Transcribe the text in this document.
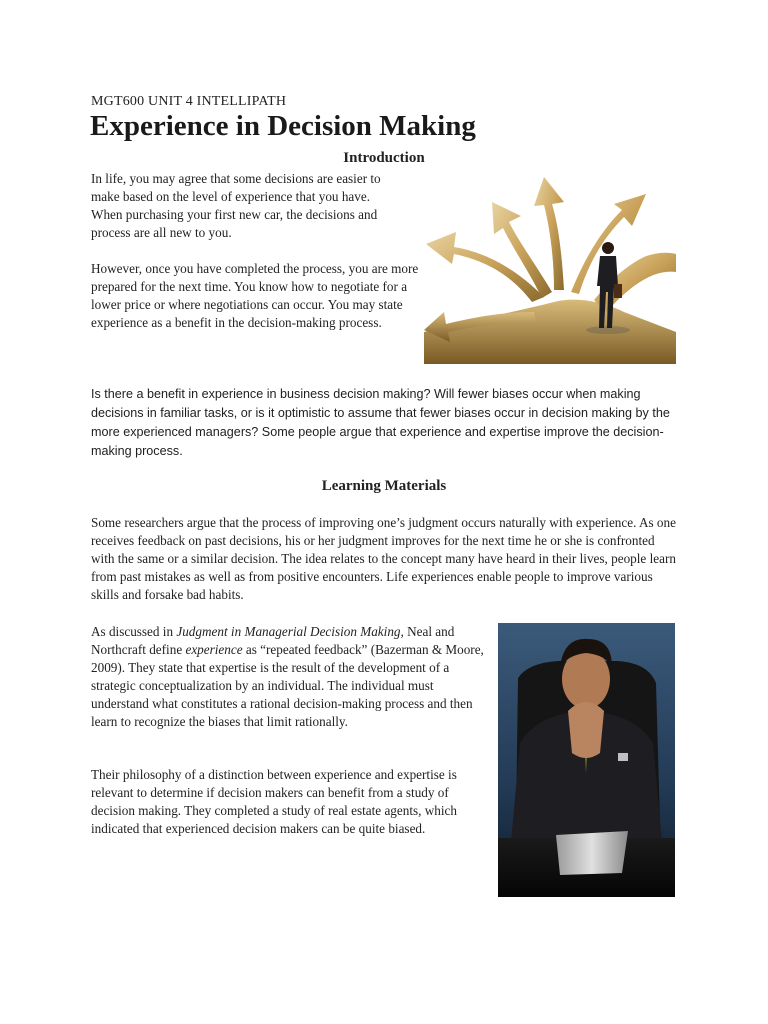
MGT600 UNIT 4 INTELLIPATH
Experience in Decision Making
Introduction
In life, you may agree that some decisions are easier to make based on the level of experience that you have. When purchasing your first new car, the decisions and process are all new to you.
However, once you have completed the process, you are more prepared for the next time. You know how to negotiate for a lower price or where negotiations can occur. You may state experience as a benefit in the decision-making process.
Is there a benefit in experience in business decision making? Will fewer biases occur when making decisions in familiar tasks, or is it optimistic to assume that fewer biases occur in decision making by the more experienced managers? Some people argue that experience and expertise improve the decision-making process.
Learning Materials
Some researchers argue that the process of improving one’s judgment occurs naturally with experience. As one receives feedback on past decisions, his or her judgment improves for the next time he or she is confronted with the same or a similar decision. The idea relates to the concept many have heard in their lives, people learn from past mistakes as well as from positive encounters. Life experiences enable people to improve various skills and forsake bad habits.
As discussed in Judgment in Managerial Decision Making, Neal and Northcraft define experience as “repeated feedback” (Bazerman & Moore, 2009). They state that expertise is the result of the development of a strategic conceptualization by an individual. The individual must understand what constitutes a rational decision-making process and then learn to recognize the biases that limit rationally.
Their philosophy of a distinction between experience and expertise is relevant to determine if decision makers can benefit from a study of decision making. They completed a study of real estate agents, which indicated that experienced decision makers can be quite biased.
